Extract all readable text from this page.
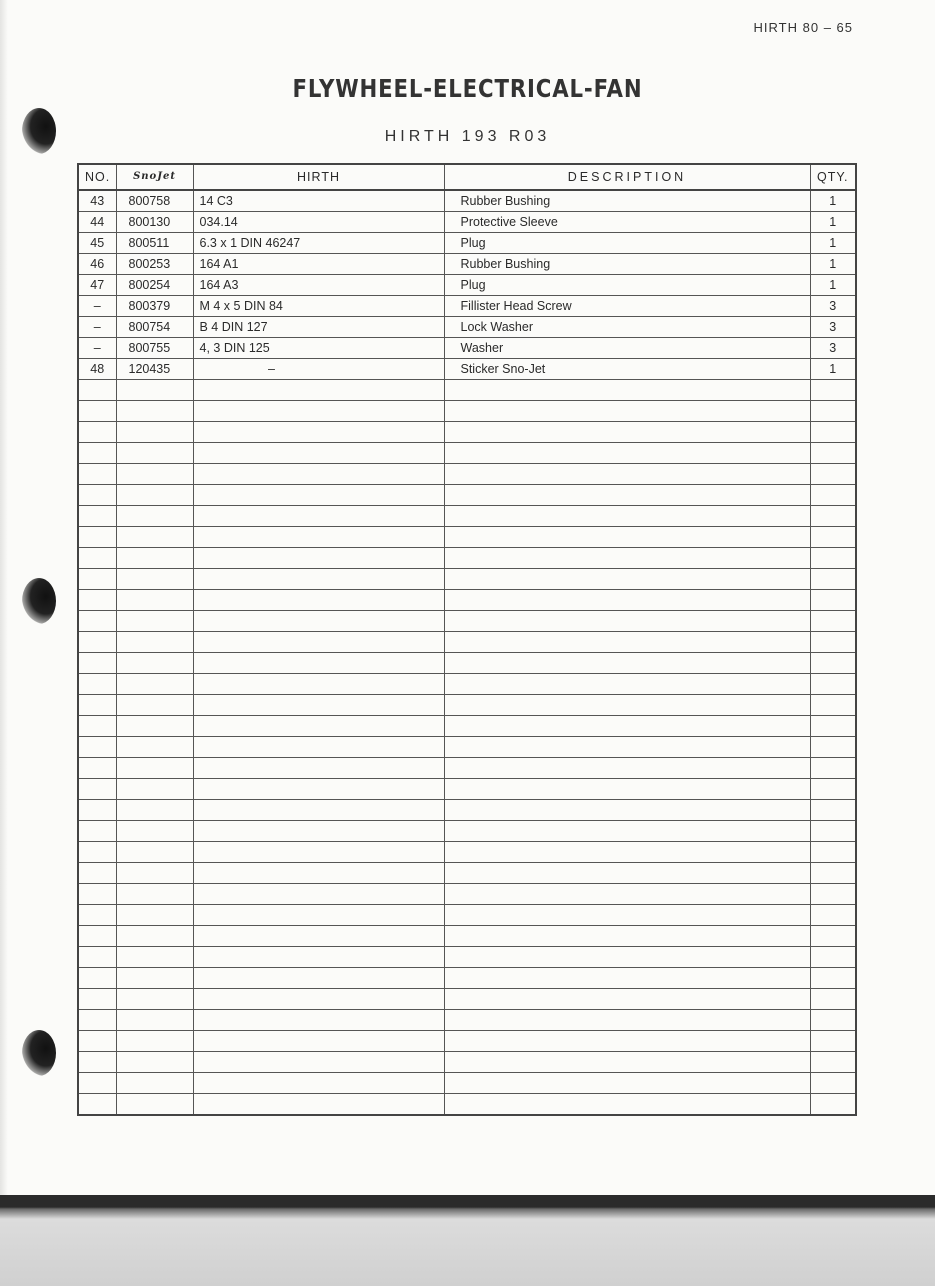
HIRTH 80 – 65
FLYWHEEL-ELECTRICAL-FAN
HIRTH 193 R03
NO.	SnoJet	HIRTH	DESCRIPTION	QTY.
43	800758	14 C3	Rubber Bushing	1
44	800130	034.14	Protective Sleeve	1
45	800511	6.3 x 1 DIN 46247	Plug	1
46	800253	164 A1	Rubber Bushing	1
47	800254	164 A3	Plug	1
–	800379	M 4 x 5 DIN 84	Fillister Head Screw	3
–	800754	B 4 DIN 127	Lock Washer	3
–	800755	4, 3 DIN 125	Washer	3
48	120435	–	Sticker Sno-Jet	1
